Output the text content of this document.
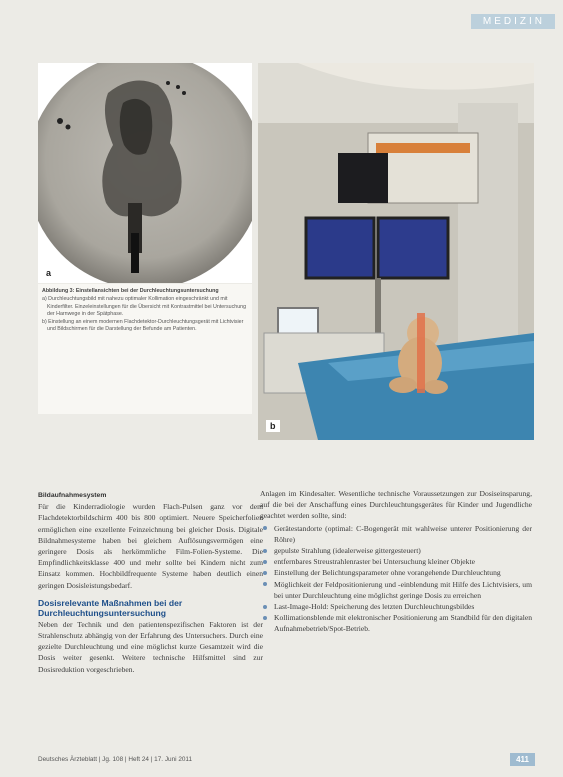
MEDIZIN
a
Abbildung 3: Einstellansichten bei der Durchleuchtungsuntersuchung
a) Durchleuchtungsbild mit nahezu optimaler Kollimation eingeschränkt und mit Kinderfilter. Einzeleinstellungen für die Übersicht mit Kontrastmittel bei Untersuchung der Harnwege in der Spätphase.
b) Einstellung an einem modernen Flachdetektor-Durchleuchtungsgerät mit Lichtvisier und Bildschirmen für die Darstellung der Befunde am Patienten.
b
Bildaufnahmesystem
Für die Kinderradiologie wurden Flach-Pulsen ganz vor dem Flachdetektorbildschirm 400 bis 800 optimiert. Neuere Speicherfolien ermöglichen eine exzellente Feinzeichnung bei gleicher Dosis. Digitale Bildnahmesysteme haben bei gleichem Auflösungsvermögen eine geringere Dosis als herkömmliche Film-Folien-Systeme. Die Empfindlichkeitsklasse 400 und mehr sollte bei Kindern nicht zum Einsatz kommen. Hochbildfrequente Systeme haben deutlich einen geringen Dosisleistungsbedarf.
Dosisrelevante Maßnahmen bei der Durchleuchtungsuntersuchung
Neben der Technik und den patientenspezifischen Faktoren ist der Strahlenschutz abhängig von der Erfahrung des Untersuchers. Durch eine gezielte Durchleuchtung und eine möglichst kurze Gesamtzeit wird die Dosis weiter gesenkt. Weitere technische Hilfsmittel sind zur Dosisreduktion vorgeschrieben.
Anlagen im Kindesalter. Wesentliche technische Voraussetzungen zur Dosiseinsparung, auf die bei der Anschaffung eines Durchleuchtungsgerätes für Kinder und Jugendliche geachtet werden sollte, sind:
Gerätestandorte (optimal: C-Bogengerät mit wahlweise unterer Positionierung der Röhre)
gepulste Strahlung (idealerweise gittergesteuert)
entfernbares Streustrahlenraster bei Untersuchung kleiner Objekte
Einstellung der Belichtungsparameter ohne vorangehende Durchleuchtung
Möglichkeit der Feldpositionierung und -einblendung mit Hilfe des Lichtvisiers, um bei unter Durchleuchtung eine möglichst geringe Dosis zu erreichen
Last-Image-Hold: Speicherung des letzten Durchleuchtungsbildes
Kollimationsblende mit elektronischer Positionierung am Standbild für den digitalen Aufnahmebetrieb/Spot-Betrieb.
Deutsches Ärzteblatt | Jg. 108 | Heft 24 | 17. Juni 2011	411
